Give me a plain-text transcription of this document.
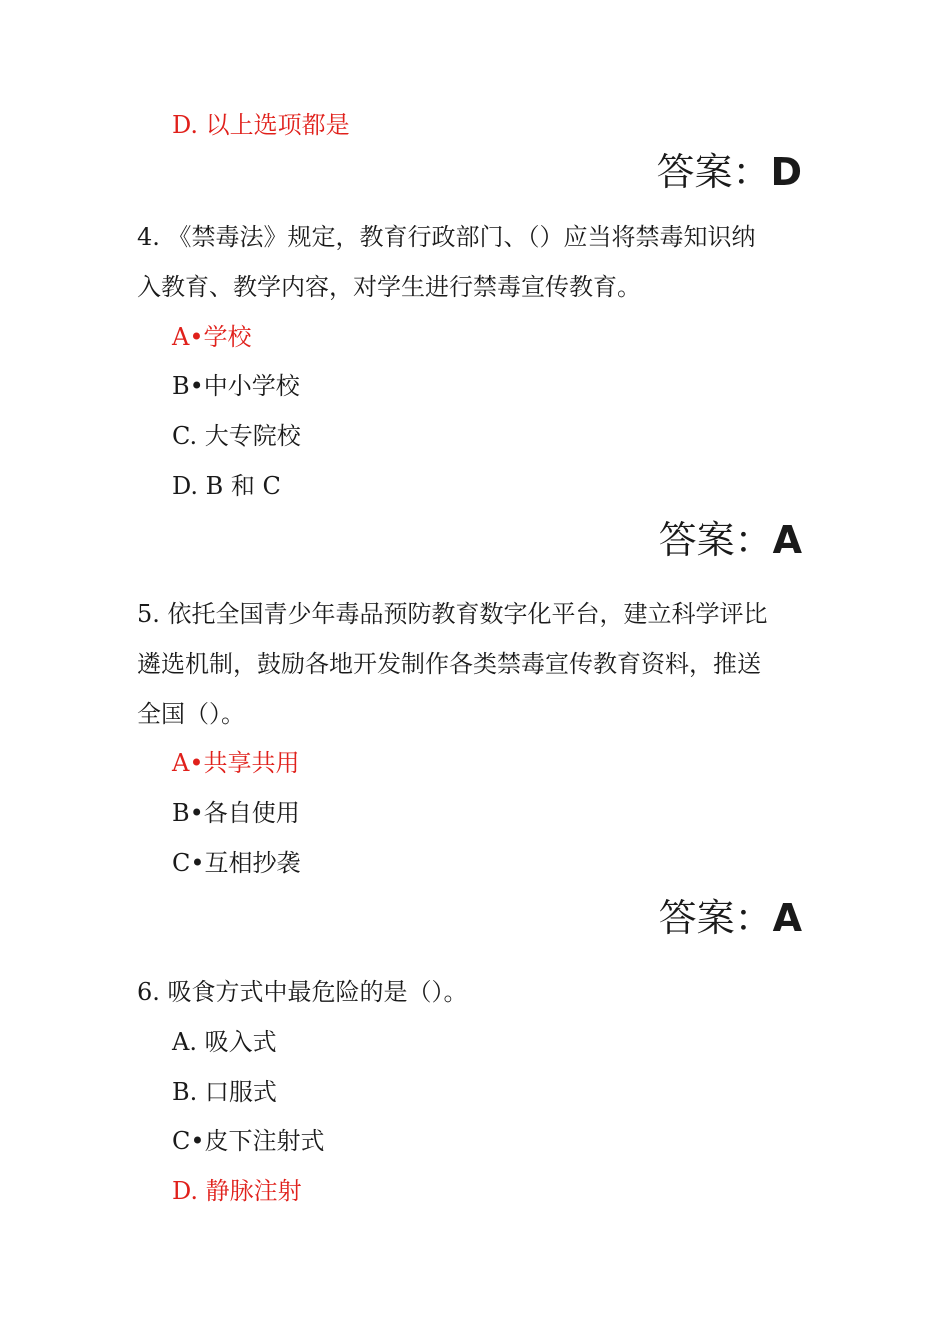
D. 以上选项都是
答案：D
4. 《禁毒法》规定，教育行政部门、（）应当将禁毒知识纳
入教育、教学内容，对学生进行禁毒宣传教育。
A•学校
B•中小学校
C. 大专院校
D. B 和 C
答案：A
5. 依托全国青少年毒品预防教育数字化平台，建立科学评比
遴选机制，鼓励各地开发制作各类禁毒宣传教育资料，推送
全国（）。
A•共享共用
B•各自使用
C•互相抄袭
答案：A
6. 吸食方式中最危险的是（）。
A. 吸入式
B. 口服式
C•皮下注射式
D. 静脉注射
